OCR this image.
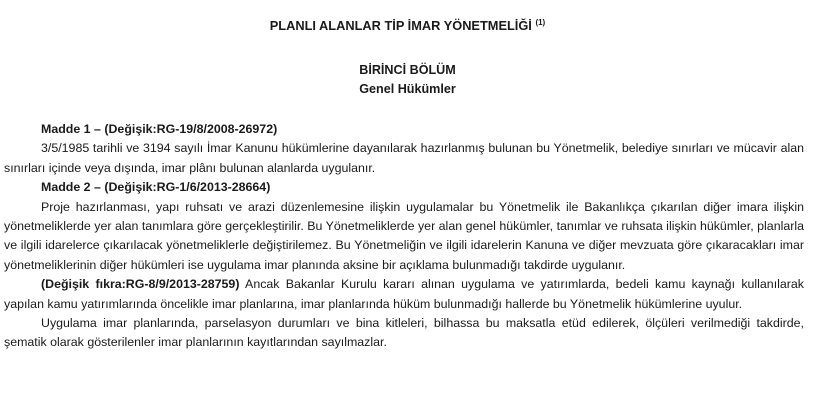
PLANLI ALANLAR TİP İMAR YÖNETMELİĞİ $^{(1)}$
BİRİNCİ BÖLÜM
Genel Hükümler
Madde 1 – (Değişik:RG-19/8/2008-26972)

3/5/1985 tarihli ve 3194 sayılı İmar Kanunu hükümlerine dayanılarak hazırlanmış bulunan bu Yönetmelik, belediye sınırları ve mücavir alan sınırları içinde veya dışında, imar plânı bulunan alanlarda uygulanır.

Madde 2 – (Değişik:RG-1/6/2013-28664)

Proje hazırlanması, yapı ruhsatı ve arazi düzenlemesine ilişkin uygulamalar bu Yönetmelik ile Bakanlıkça çıkarılan diğer imara ilişkin yönetmeliklerde yer alan tanımlara göre gerçekleştirilir. Bu Yönetmeliklerde yer alan genel hükümler, tanımlar ve ruhsata ilişkin hükümler, planlarla ve ilgili idarelerce çıkarılacak yönetmeliklerle değiştirilemez. Bu Yönetmeliğin ve ilgili idarelerin Kanuna ve diğer mevzuata göre çıkaracakları imar yönetmeliklerinin diğer hükümleri ise uygulama imar planında aksine bir açıklama bulunmadığı takdirde uygulanır.

(Değişik fıkra:RG-8/9/2013-28759) Ancak Bakanlar Kurulu kararı alınan uygulama ve yatırımlarda, bedeli kamu kaynağı kullanılarak yapılan kamu yatırımlarında öncelikle imar planlarına, imar planlarında hüküm bulunmadığı hallerde bu Yönetmelik hükümlerine uyulur.

Uygulama imar planlarında, parselasyon durumları ve bina kitleleri, bilhassa bu maksatla etüd edilerek, ölçüleri verilmediği takdirde, şematik olarak gösterilenler imar planlarının kayıtlarından sayılmazlar.
